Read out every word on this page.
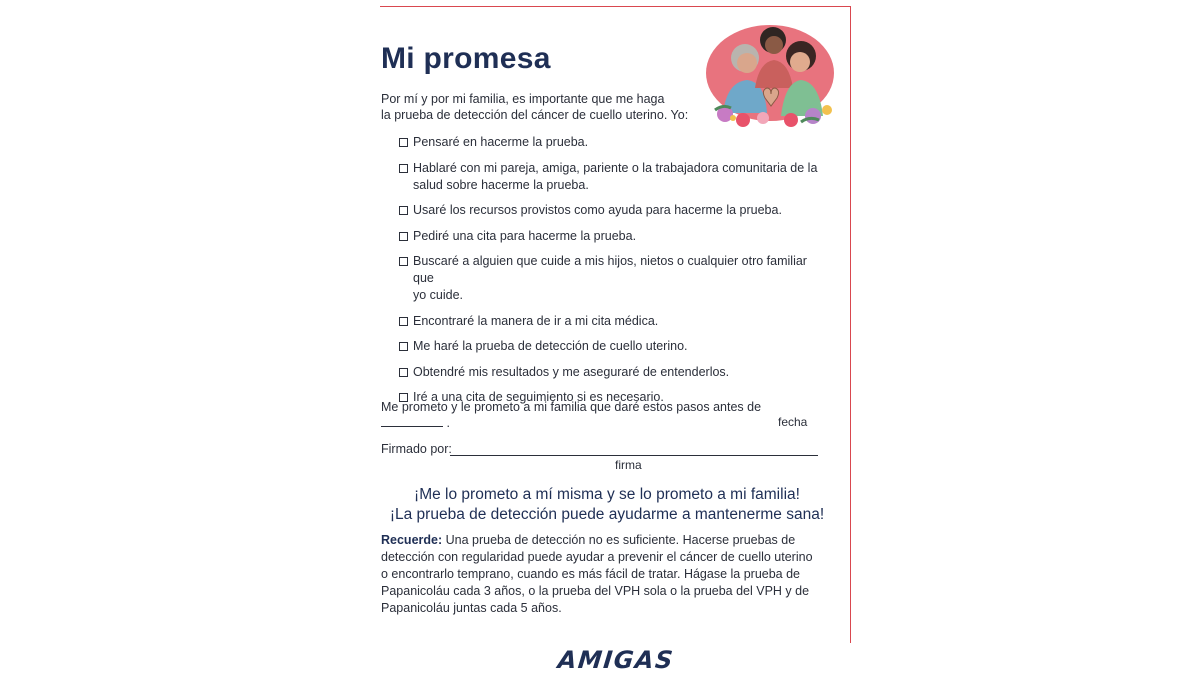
Mi promesa

Por mí y por mi familia, es importante que me haga
la prueba de detección del cáncer de cuello uterino. Yo:

Pensaré en hacerme la prueba.
Hablaré con mi pareja, amiga, pariente o la trabajadora comunitaria de la
salud sobre hacerme la prueba.
Usaré los recursos provistos como ayuda para hacerme la prueba.
Pediré una cita para hacerme la prueba.
Buscaré a alguien que cuide a mis hijos, nietos o cualquier otro familiar que
yo cuide.
Encontraré la manera de ir a mi cita médica.
Me haré la prueba de detección de cuello uterino.
Obtendré mis resultados y me aseguraré de entenderlos.
Iré a una cita de seguimiento si es necesario.
Me prometo y le prometo a mi familia que daré estos pasos antes de  .	fecha
Firmado por:
firma

¡Me lo prometo a mí misma y se lo prometo a mi familia!
¡La prueba de detección puede ayudarme a mantenerme sana!

Recuerde: Una prueba de detección no es suficiente. Hacerse pruebas de detección con regularidad puede ayudar a prevenir el cáncer de cuello uterino o encontrarlo temprano, cuando es más fácil de tratar. Hágase la prueba de Papanicoláu cada 3 años, o la prueba del VPH sola o la prueba del VPH y de Papanicoláu juntas cada 5 años.

AMIGAS
